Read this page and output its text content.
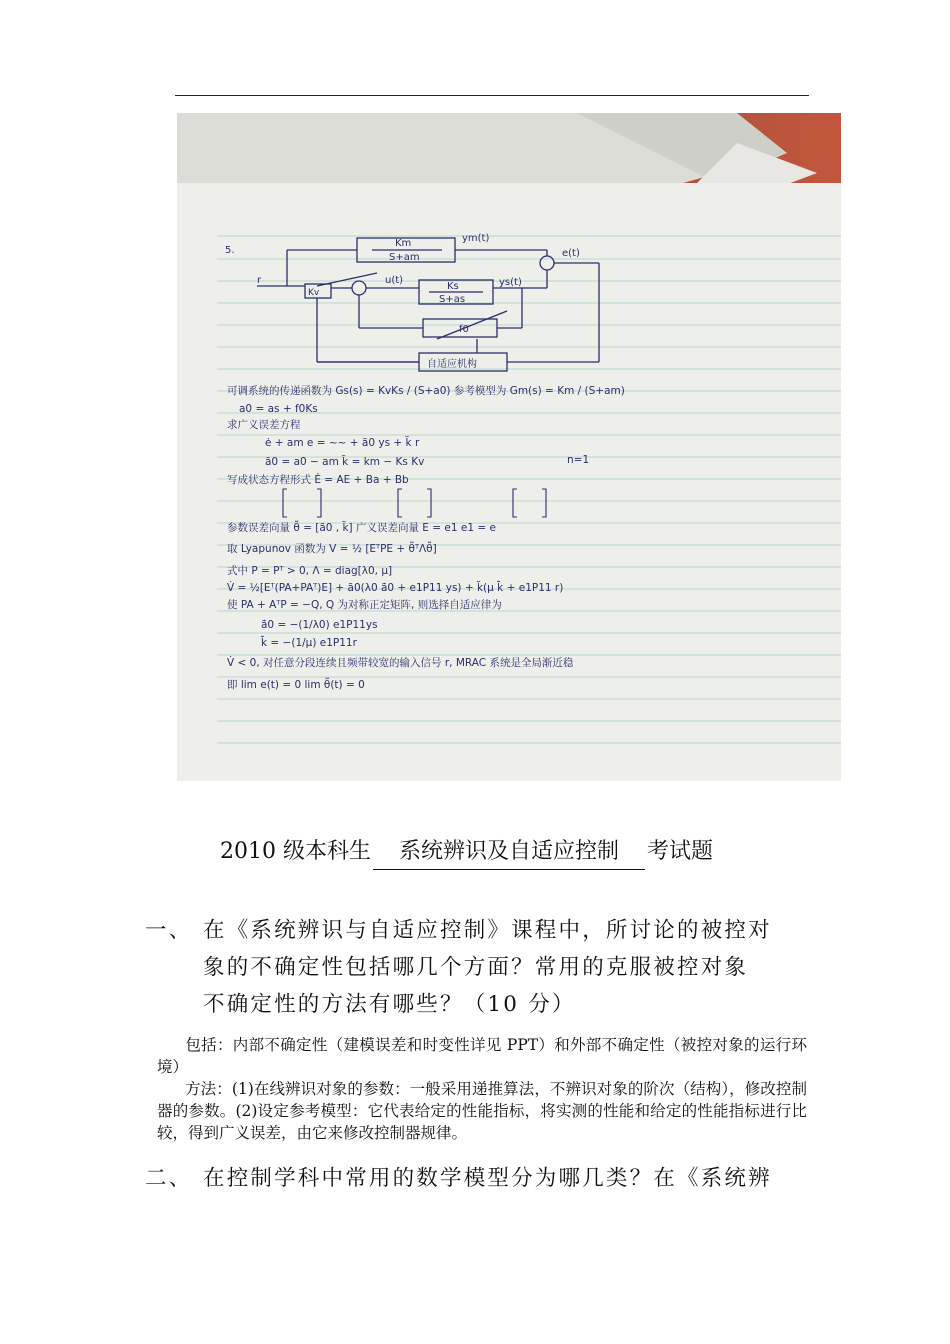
5.
r
Km
S+am
ym(t)
e(t)
u(t)
Kv
Ks
S+as
ys(t)
f0
自适应机构
可调系统的传递函数为 Gs(s) = KvKs / (S+a0) 参考模型为 Gm(s) = Km / (S+am)
a0 = as + f0Ks
求广义误差方程
ė + am e = ~~ + ã0 ys + k̃ r
ã0 = a0 − am k̃ = km − Ks Kv	n=1
写成状态方程形式 Ė = AE + Ba + Bb
参数误差向量 θ̃ = [ã0 , k̃] 广义误差向量 E = e1 e1 = e
取 Lyapunov 函数为 V = ½ [EᵀPE + θ̃ᵀΛθ̃]
式中 P = Pᵀ > 0, Λ = diag[λ0, μ]
V̇ = ½[Eᵀ(PA+PAᵀ)E] + ã0(λ0 ã̇0 + e1P11 ys) + k̃(μ k̃̇ + e1P11 r)
使 PA + AᵀP = −Q, Q 为对称正定矩阵, 则选择自适应律为
ã̇0 = −(1/λ0) e1P11ys
k̃̇ = −(1/μ) e1P11r
V̇ < 0, 对任意分段连续且频带较宽的输入信号 r, MRAC 系统是全局渐近稳
即 lim e(t) = 0 lim θ̃(t) = 0
2010 级本科生 系统辨识及自适应控制 考试题
一、 在《系统辨识与自适应控制》课程中，所讨论的被控对
象的不确定性包括哪几个方面？常用的克服被控对象
不确定性的方法有哪些？（10 分）
包括：内部不确定性（建模误差和时变性详见 PPT）和外部不确定性（被控对象的运行环境）
方法：(1)在线辨识对象的参数：一般采用递推算法，不辨识对象的阶次（结构），修改控制器的参数。(2)设定参考模型：它代表给定的性能指标，将实测的性能和给定的性能指标进行比较，得到广义误差，由它来修改控制器规律。
二、 在控制学科中常用的数学模型分为哪几类？在《系统辨
